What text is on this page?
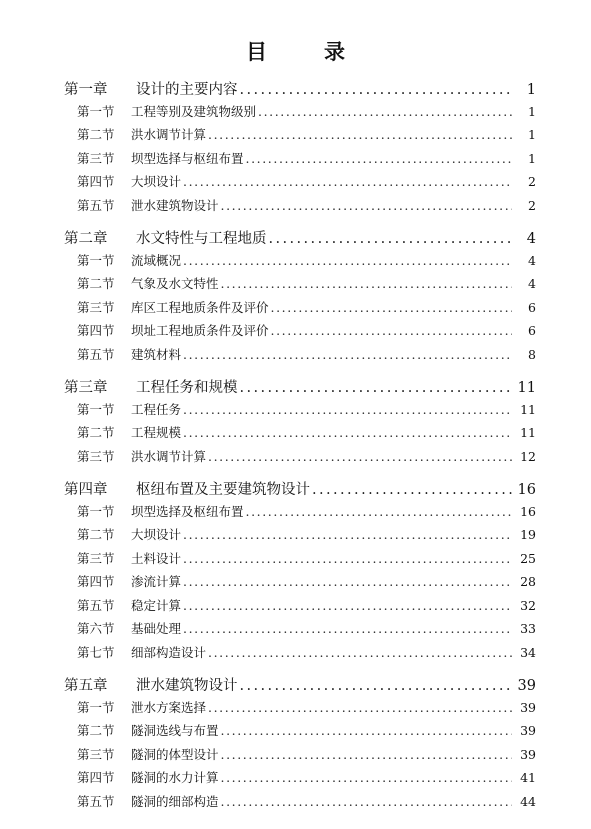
目　录
第一章	设计的主要内容 .....	1
第一节	工程等别及建筑物级别 .....	1
第二节	洪水调节计算 .....	1
第三节	坝型选择与枢纽布置 .....	1
第四节	大坝设计 .....	2
第五节	泄水建筑物设计 .....	2
第二章	水文特性与工程地质 .....	4
第一节	流域概况 .....	4
第二节	气象及水文特性 .....	4
第三节	库区工程地质条件及评价 .....	6
第四节	坝址工程地质条件及评价 .....	6
第五节	建筑材料 .....	8
第三章	工程任务和规模 .....	11
第一节	工程任务 .....	11
第二节	工程规模 .....	11
第三节	洪水调节计算 .....	12
第四章	枢纽布置及主要建筑物设计 .....	16
第一节	坝型选择及枢纽布置 .....	16
第二节	大坝设计 .....	19
第三节	土料设计 .....	25
第四节	渗流计算 .....	28
第五节	稳定计算 .....	32
第六节	基础处理 .....	33
第七节	细部构造设计 .....	34
第五章	泄水建筑物设计 .....	39
第一节	泄水方案选择 .....	39
第二节	隧洞选线与布置 .....	39
第三节	隧洞的体型设计 .....	39
第四节	隧洞的水力计算 .....	41
第五节	隧洞的细部构造 .....	44
